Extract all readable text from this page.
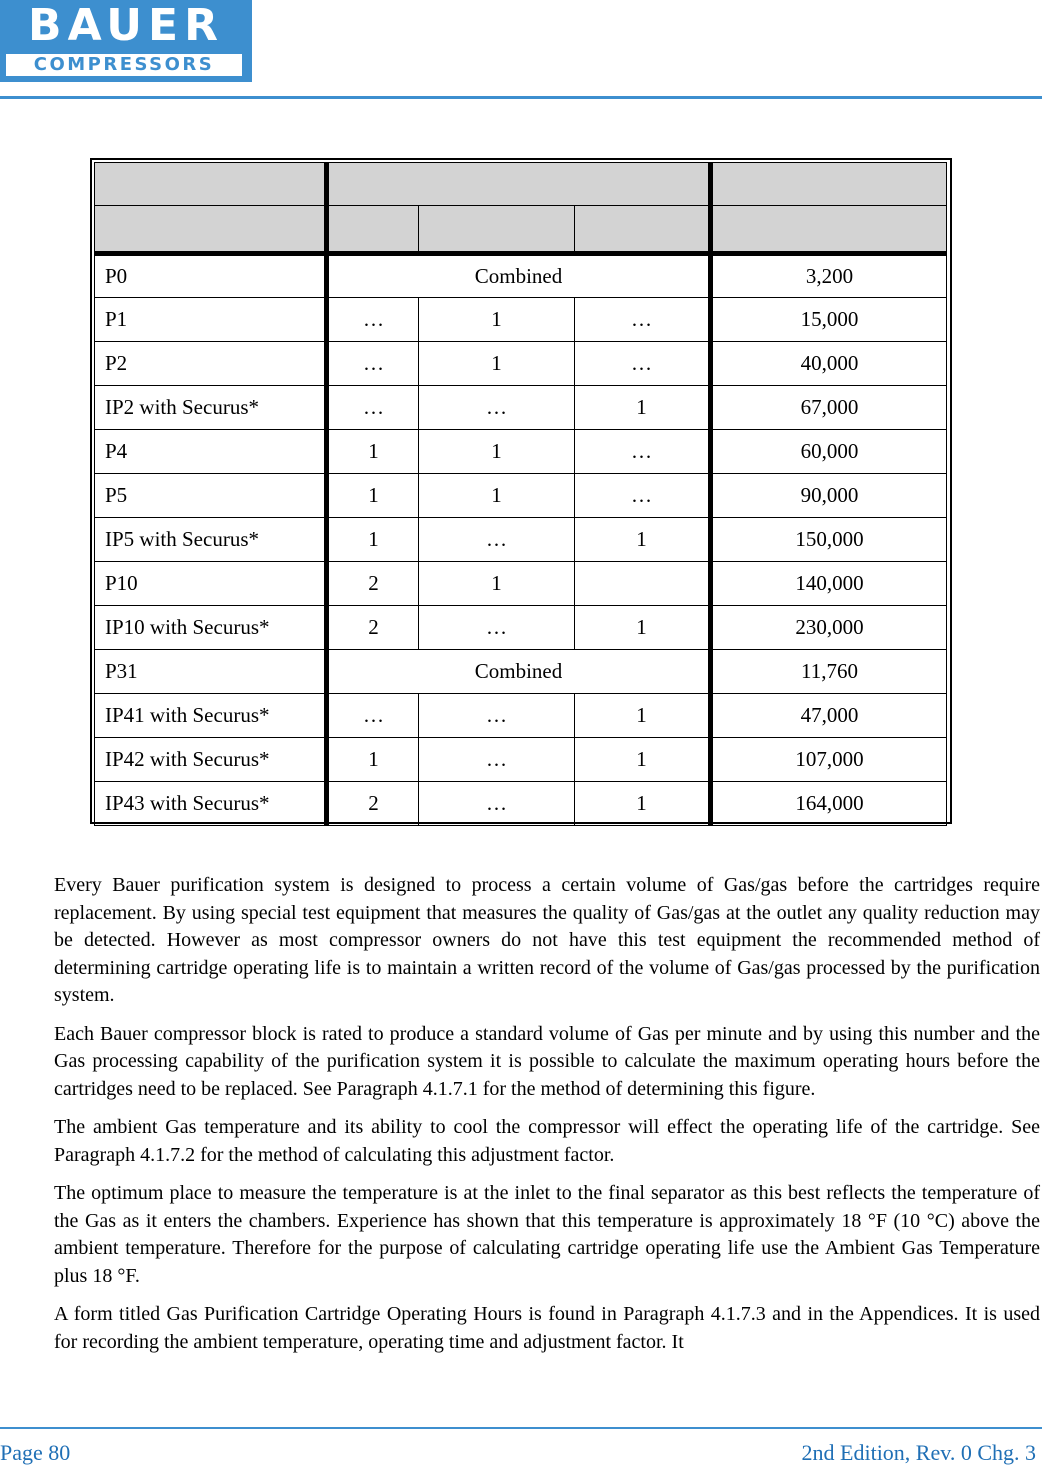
BAUER
COMPRESSORS

P0	Combined			3,200
P1	…	1	…	15,000
P2	…	1	…	40,000
IP2 with Securus*	…	…	1	67,000
P4	1	1	…	60,000
P5	1	1	…	90,000
IP5 with Securus*	1	…	1	150,000
P10	2	1		140,000
IP10 with Securus*	2	…	1	230,000
P31	Combined			11,760
IP41 with Securus*	…	…	1	47,000
IP42 with Securus*	1	…	1	107,000
IP43 with Securus*	2	…	1	164,000

Every Bauer purification system is designed to process a certain volume of Gas/gas before the cartridges require replacement. By using special test equipment that measures the quality of Gas/gas at the outlet any quality reduction may be detected. However as most compressor owners do not have this test equipment the recommended method of determining cartridge operating life is to maintain a written record of the volume of Gas/gas processed by the purification system.

Each Bauer compressor block is rated to produce a standard volume of Gas per minute and by using this number and the Gas processing capability of the purification system it is possible to calculate the maximum operating hours before the cartridges need to be replaced. See Paragraph 4.1.7.1 for the method of determining this figure.

The ambient Gas temperature and its ability to cool the compressor will effect the operating life of the cartridge. See Paragraph 4.1.7.2 for the method of calculating this adjustment factor.

The optimum place to measure the temperature is at the inlet to the final separator as this best reflects the temperature of the Gas as it enters the chambers. Experience has shown that this temperature is approximately 18 °F (10 °C) above the ambient temperature. Therefore for the purpose of calculating cartridge operating life use the Ambient Gas Temperature plus 18 °F.

A form titled Gas Purification Cartridge Operating Hours is found in Paragraph 4.1.7.3 and in the Appendices. It is used for recording the ambient temperature, operating time and adjustment factor. It

Page 80	2nd Edition, Rev. 0 Chg. 3
